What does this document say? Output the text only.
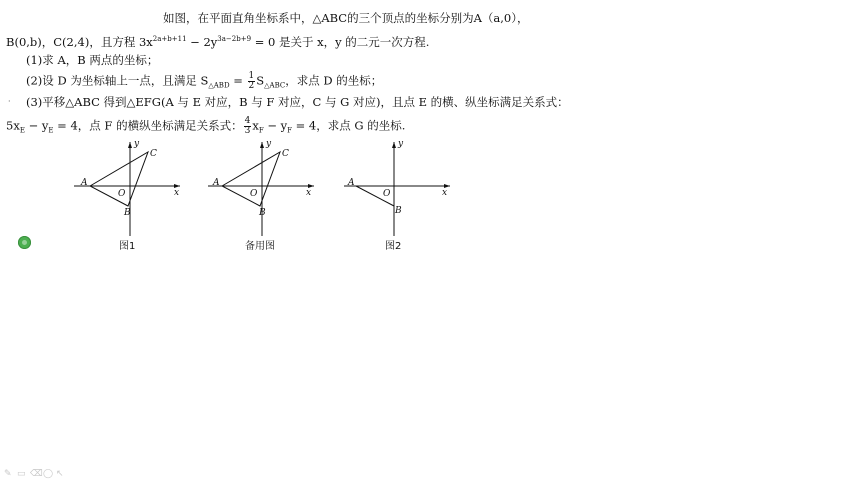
如图，在平面直角坐标系中，△ABC的三个顶点的坐标分别为A（a,0），
B(0,b)，C(2,4)，且方程 $3x^{2a+b+11} - 2y^{3a-2b+9} = 0$ 是关于 x，y 的二元一次方程.
(1)求 A，B 两点的坐标；
(2)设 D 为坐标轴上一点，且满足 $S_{\triangle ABD} = \frac{1}{2} S_{\triangle ABC}$，求点 D 的坐标；
· (3)平移△ABC 得到△EFG(A 与 E 对应，B 与 F 对应，C 与 G 对应)，且点 E 的横、纵坐标满足关系式：
$5x_E - y_E = 4$，点 F 的横纵坐标满足关系式： $\frac{4}{3} x_F - y_F = 4$，求点 G 的坐标.
y
x
A
O
B
C
图1
y
x
A
O
B
C
备用图
y
x
A
O
B
图2
✎ ▭ ⌫ ◯ ↖
